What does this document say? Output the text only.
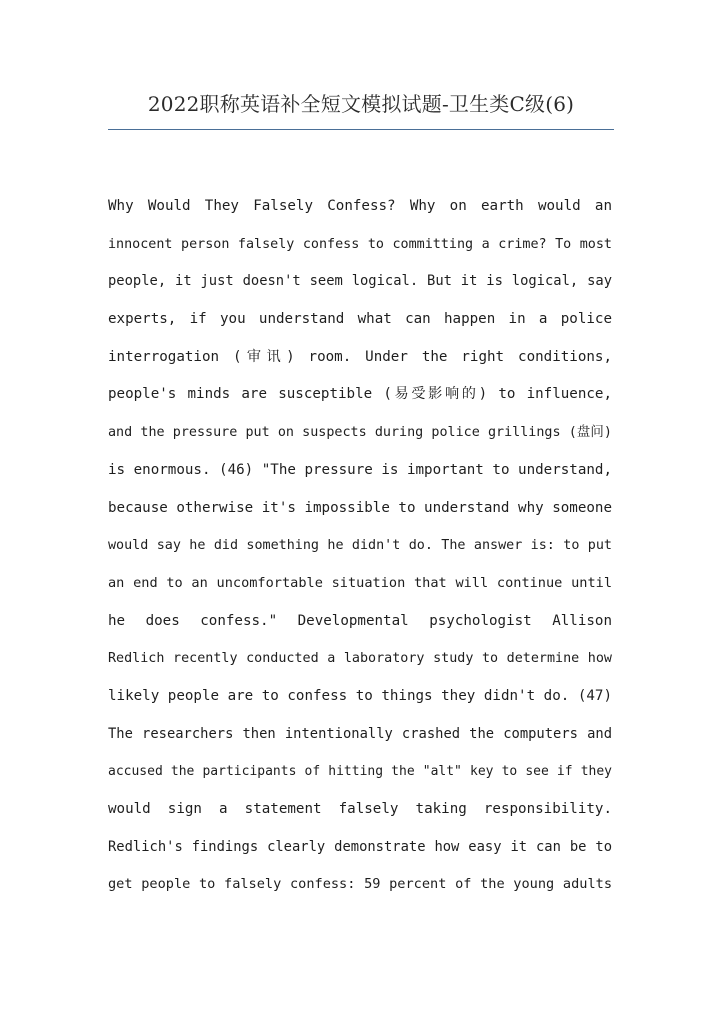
2022职称英语补全短文模拟试题-卫生类C级(6)
Why Would They Falsely Confess? Why on earth would an
innocent person falsely confess to committing a crime? To most
people, it just doesn't seem logical. But it is logical, say
experts, if you understand what can happen in a police
interrogation (审讯) room. Under the right conditions,
people's minds are susceptible (易受影响的) to influence,
and the pressure put on suspects during police grillings (盘问)
is enormous. (46) "The pressure is important to understand,
because otherwise it's impossible to understand why someone
would say he did something he didn't do. The answer is: to put
an end to an uncomfortable situation that will continue until
he does confess." Developmental psychologist Allison
Redlich recently conducted a laboratory study to determine how
likely people are to confess to things they didn't do. (47)
The researchers then intentionally crashed the computers and
accused the participants of hitting the "alt" key to see if they
would sign a statement falsely taking responsibility.
Redlich's findings clearly demonstrate how easy it can be to
get people to falsely confess: 59 percent of the young adults
